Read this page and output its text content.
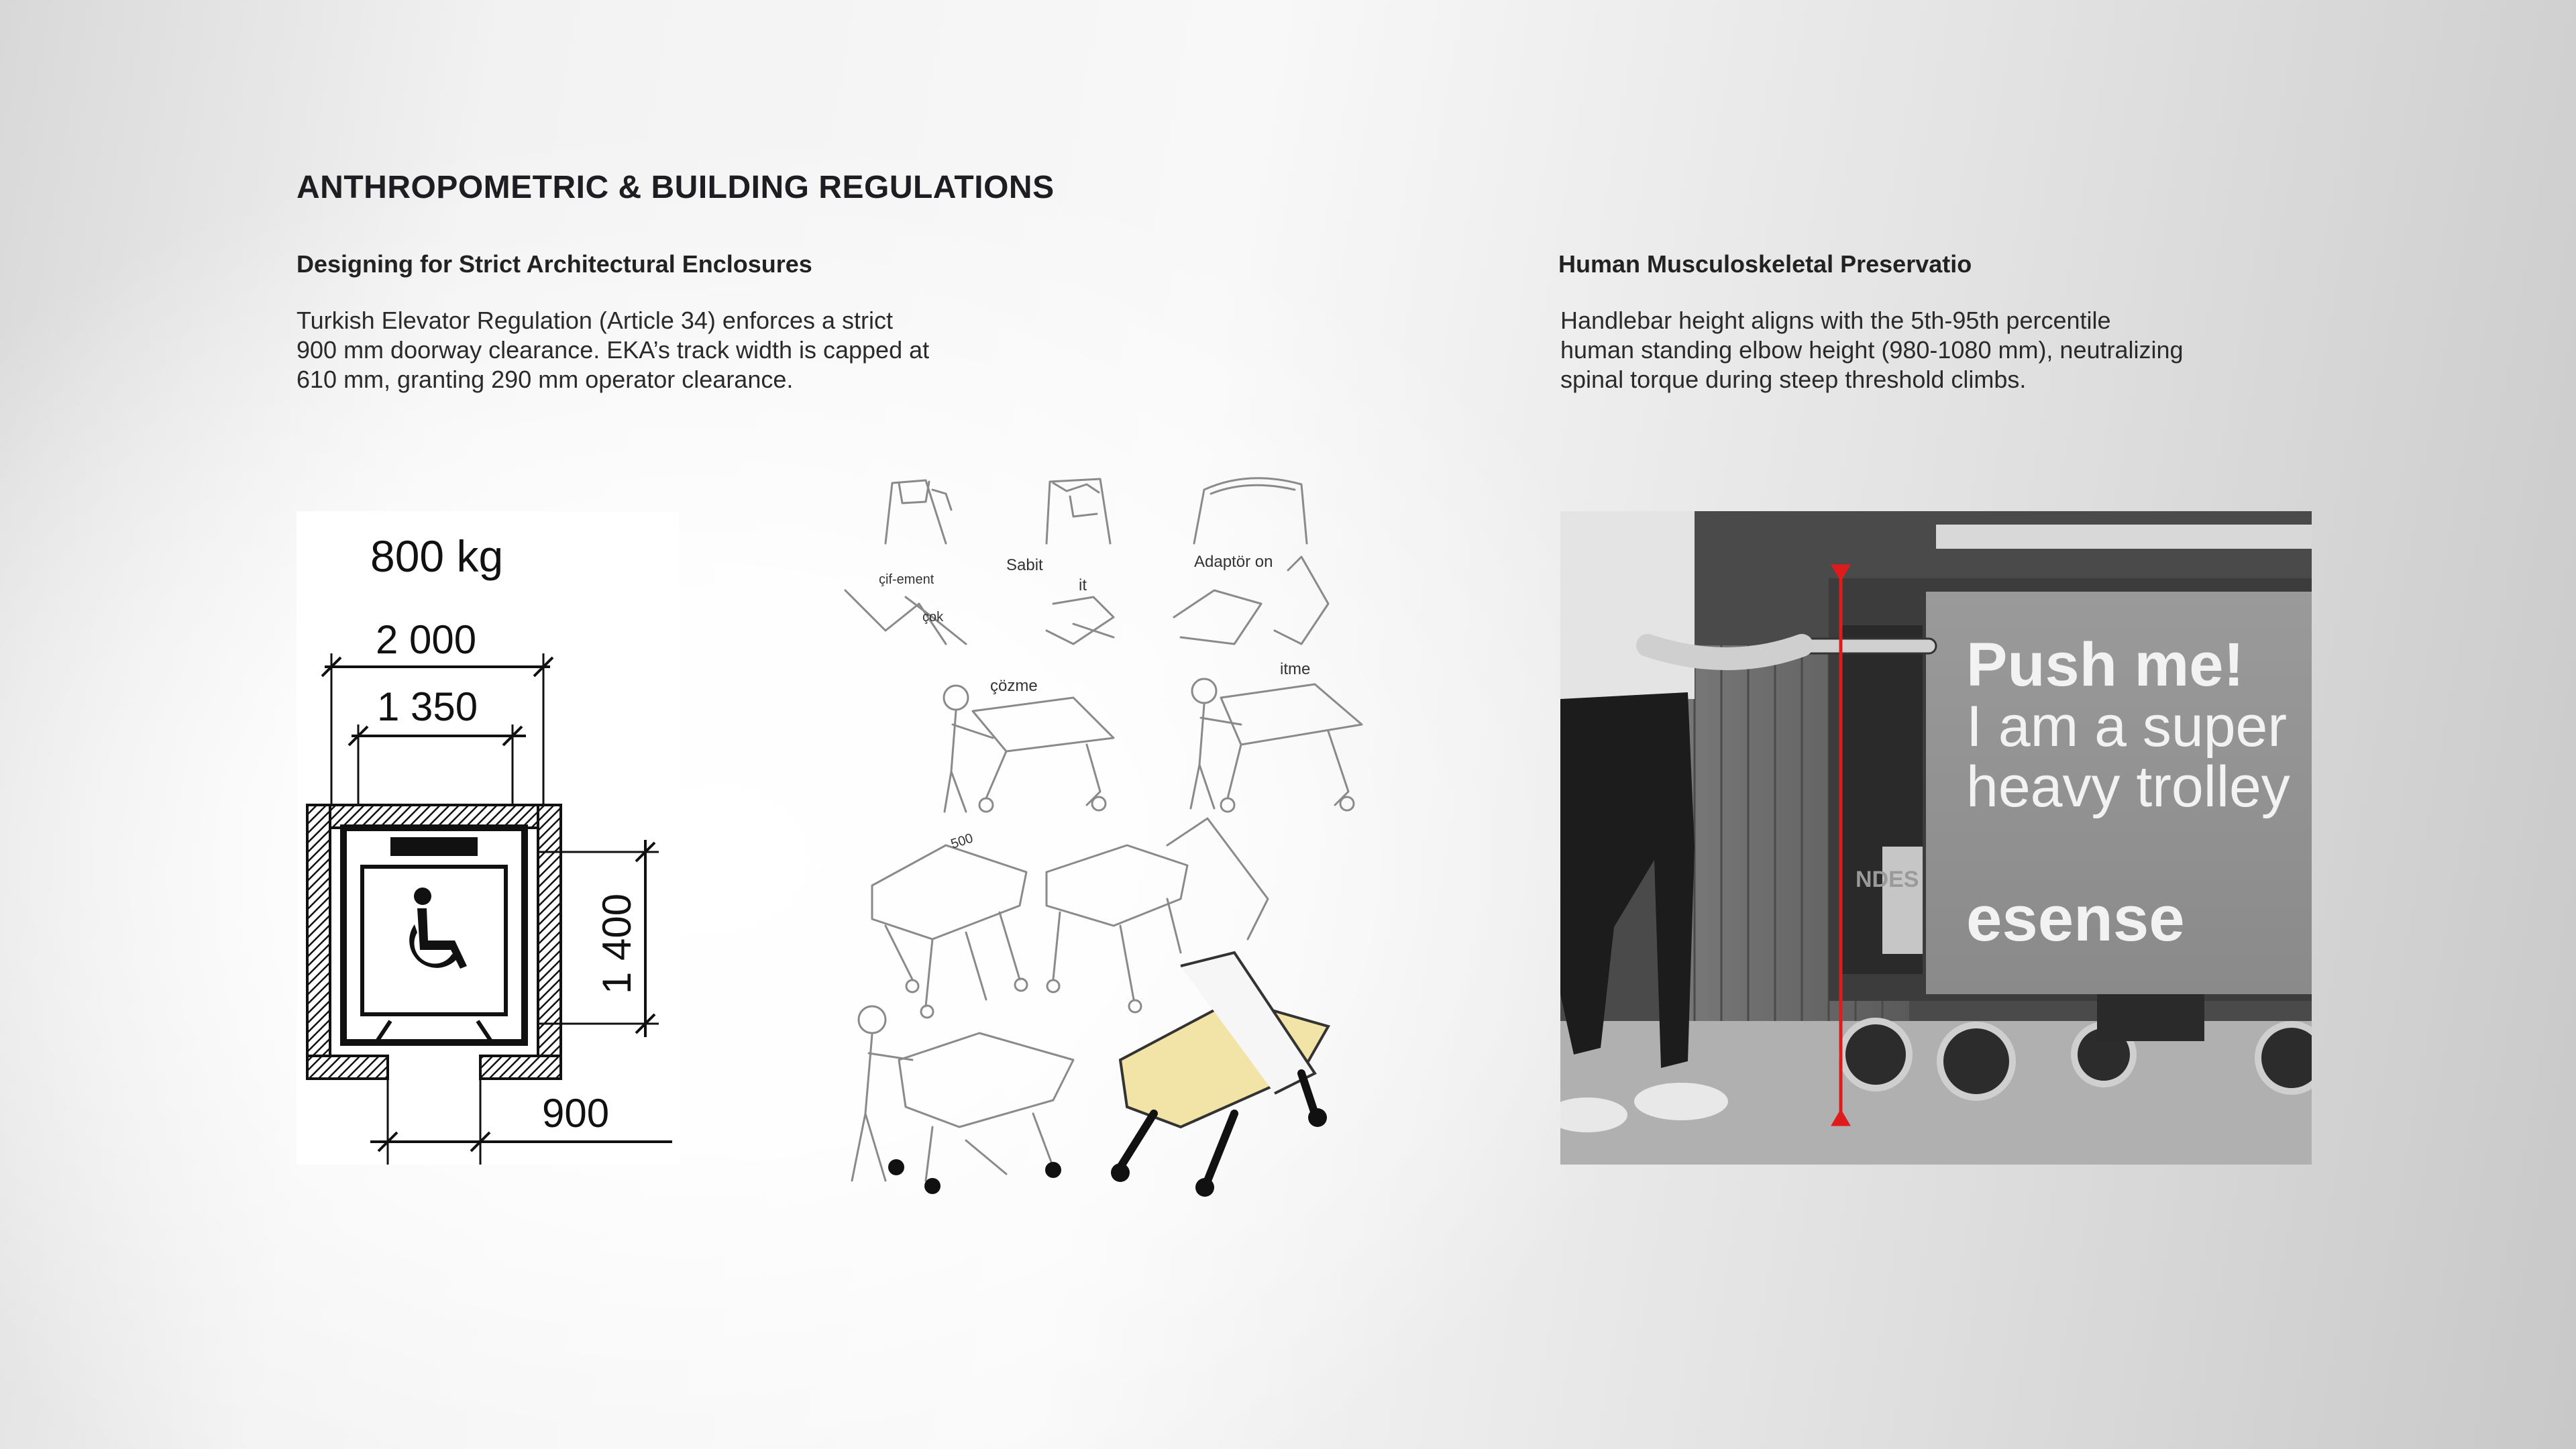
ANTHROPOMETRIC & BUILDING REGULATIONS
Designing for Strict Architectural Enclosures
Turkish Elevator Regulation (Article 34) enforces a strict
900 mm doorway clearance. EKA’s track width is capped at
610 mm, granting 290 mm operator clearance.
Human Musculoskeletal Preservatio
Handlebar height aligns with the 5th-95th percentile
human standing elbow height (980-1080 mm), neutralizing
spinal torque during steep threshold climbs.
800 kg
2 000
1 350
1 400
900
çif-ement
Sabit	Adaptör on
çok
it
çözme
itme
500
Push me!
I am a super
heavy trolley
esense
NDES
